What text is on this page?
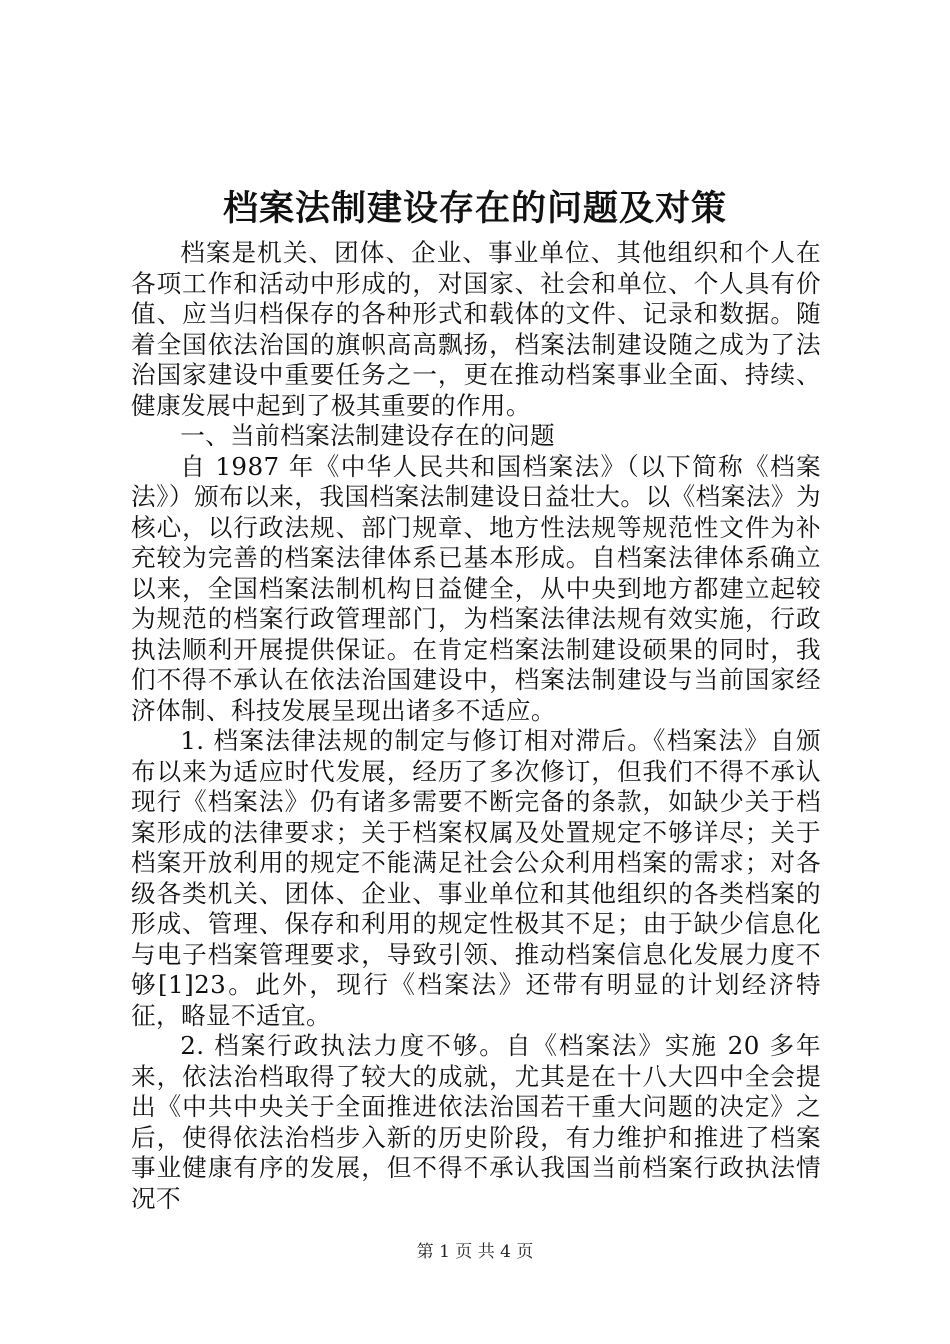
档案法制建设存在的问题及对策

档案是机关、团体、企业、事业单位、其他组织和个人在各项工作和活动中形成的，对国家、社会和单位、个人具有价值、应当归档保存的各种形式和载体的文件、记录和数据。随着全国依法治国的旗帜高高飘扬，档案法制建设随之成为了法治国家建设中重要任务之一，更在推动档案事业全面、持续、健康发展中起到了极其重要的作用。

一、当前档案法制建设存在的问题

自 1987 年《中华人民共和国档案法》（以下简称《档案法》）颁布以来，我国档案法制建设日益壮大。以《档案法》为核心，以行政法规、部门规章、地方性法规等规范性文件为补充较为完善的档案法律体系已基本形成。自档案法律体系确立以来，全国档案法制机构日益健全，从中央到地方都建立起较为规范的档案行政管理部门，为档案法律法规有效实施，行政执法顺利开展提供保证。在肯定档案法制建设硕果的同时，我们不得不承认在依法治国建设中，档案法制建设与当前国家经济体制、科技发展呈现出诸多不适应。

1. 档案法律法规的制定与修订相对滞后。《档案法》自颁布以来为适应时代发展，经历了多次修订，但我们不得不承认现行《档案法》仍有诸多需要不断完备的条款，如缺少关于档案形成的法律要求；关于档案权属及处置规定不够详尽；关于档案开放利用的规定不能满足社会公众利用档案的需求；对各级各类机关、团体、企业、事业单位和其他组织的各类档案的形成、管理、保存和利用的规定性极其不足；由于缺少信息化与电子档案管理要求，导致引领、推动档案信息化发展力度不够[1]23。此外，现行《档案法》还带有明显的计划经济特征，略显不适宜。

2. 档案行政执法力度不够。自《档案法》实施 20 多年来，依法治档取得了较大的成就，尤其是在十八大四中全会提出《中共中央关于全面推进依法治国若干重大问题的决定》之后，使得依法治档步入新的历史阶段，有力维护和推进了档案事业健康有序的发展，但不得不承认我国当前档案行政执法情况不

第 1 页 共 4 页
